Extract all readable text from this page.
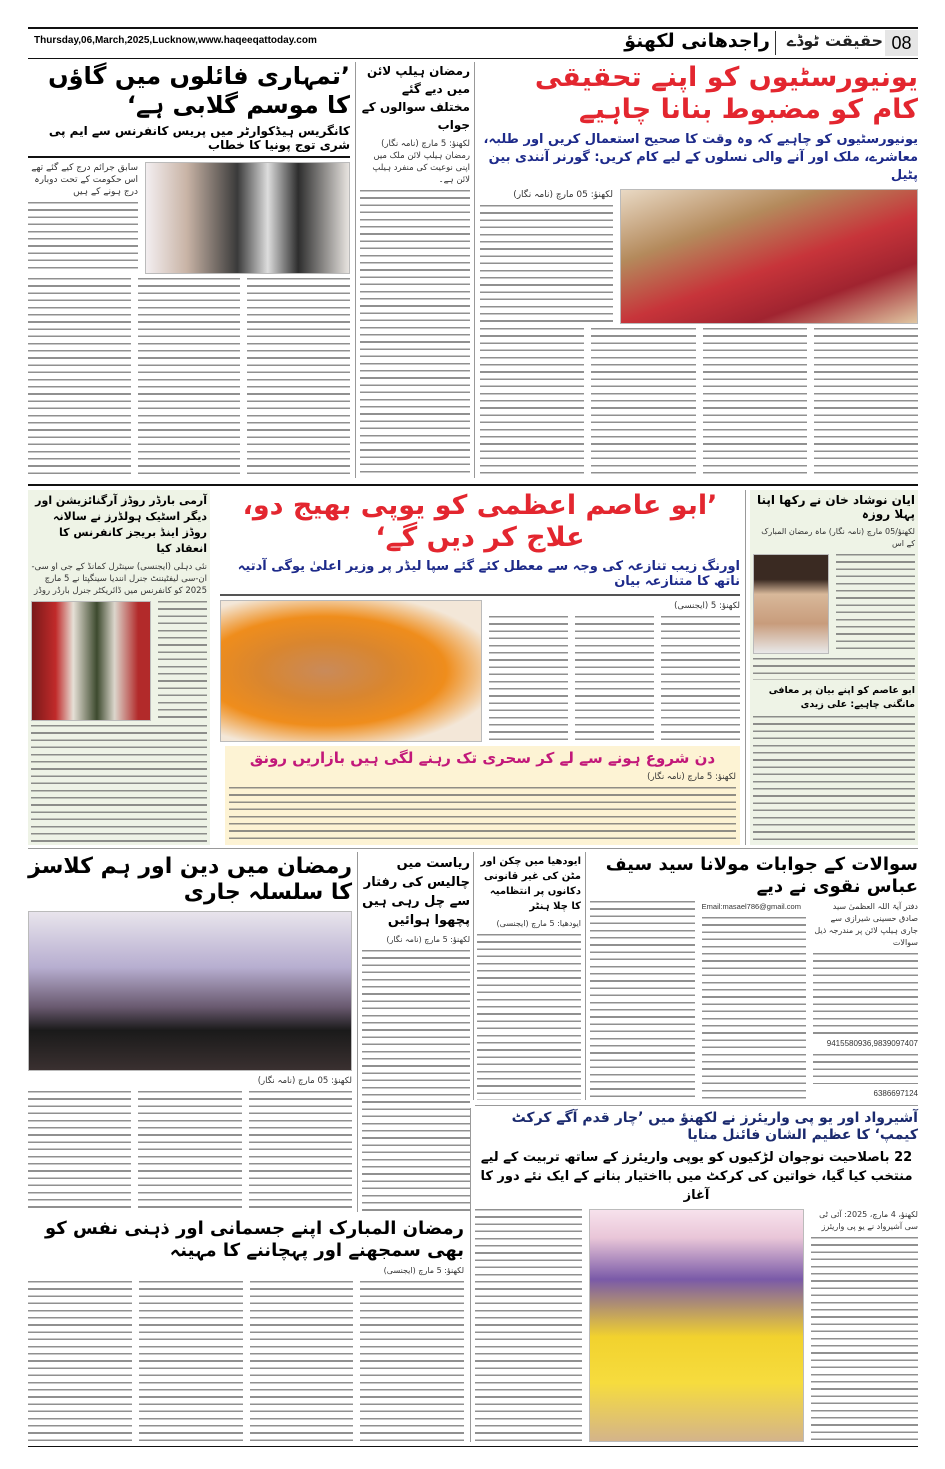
Thursday,06,March,2025,Lucknow,www.haqeeqattoday.com	راجدھانی لکھنؤ	حقیقت ٹوڈے 08
’تمہاری فائلوں میں گاؤں کا موسم گلابی ہے‘
کانگریس ہیڈکوارٹر میں پریس کانفرنس سے ایم پی شری توج پونیا کا خطاب
سابق جرائم درج کیے گئے تھے اس حکومت کے تحت دوبارہ درج ہونے کے ہیں
رمضان ہیلپ لائن میں دیے گئے مختلف سوالوں کے جواب
لکھنؤ: 5 مارچ (نامہ نگار) رمضان ہیلپ لائن ملک میں اپنی نوعیت کی منفرد ہیلپ لائن ہے۔
یونیورسٹیوں کو اپنے تحقیقی کام کو مضبوط بنانا چاہیے
یونیورسٹیوں کو چاہیے کہ وہ وقت کا صحیح استعمال کریں اور طلبہ، معاشرے، ملک اور آنے والی نسلوں کے لیے کام کریں: گورنر آنندی بین پٹیل
لکھنؤ: 05 مارچ (نامہ نگار)
آرمی بارڈر روڈز آرگنائزیشن اور دیگر اسٹیک ہولڈرز نے سالانہ روڈز اینڈ بریجز کانفرنس کا انعقاد کیا
نئی دہلی (ایجنسی) سینٹرل کمانڈ کے جی او سی-ان-سی لیفٹیننٹ جنرل انندیا سینگپتا نے 5 مارچ 2025 کو کانفرنس میں ڈائریکٹر جنرل بارڈر روڈز
’ابو عاصم اعظمی کو یوپی بھیج دو، علاج کر دیں گے‘
اورنگ زیب تنازعہ کی وجہ سے معطل کئے گئے سپا لیڈر پر وزیر اعلیٰ یوگی آدتیہ ناتھ کا متنازعہ بیان
لکھنؤ: 5 (ایجنسی)
دن شروع ہونے سے لے کر سحری تک رہنے لگی ہیں بازاریں رونق
لکھنؤ: 5 مارچ (نامہ نگار)
ایان نوشاد خان نے رکھا اپنا پہلا روزہ
لکھنؤ/05 مارچ (نامہ نگار) ماہ رمضان المبارک کے اس
ابو عاصم کو اپنے بیان پر معافی مانگنی چاہیے: علی زیدی
رمضان میں دین اور ہم کلاسز کا سلسلہ جاری
لکھنؤ: 05 مارچ (نامہ نگار)
ریاست میں چالیس کی رفتار سے چل رہی ہیں پچھوا ہوائیں
لکھنؤ: 5 مارچ (نامہ نگار)
ایودھیا میں چکن اور مٹن کی غیر قانونی دکانوں پر انتظامیہ کا چلا ہنٹر
ایودھیا: 5 مارچ (ایجنسی)
سوالات کے جوابات مولانا سید سیف عباس نقوی نے دیے
دفتر آیۃ اللہ العظمیٰ سید صادق حسینی شیرازی سے جاری ہیلپ لائن پر مندرجہ ذیل سوالات
9415580936,9839097407
6386697124
Email:masael786@gmail.com
آشیرواد اور یو پی واریئرز نے لکھنؤ میں ’چار قدم آگے کرکٹ کیمپ‘ کا عظیم الشان فائنل منایا
22 باصلاحیت نوجوان لڑکیوں کو یوپی واریئرز کے ساتھ تربیت کے لیے منتخب کیا گیا، خواتین کی کرکٹ میں بااختیار بنانے کے ایک نئے دور کا آغاز
لکھنؤ، 4 مارچ، 2025: آئی ٹی سی آشیرواد نے یو پی واریئرز
رمضان المبارک اپنے جسمانی اور ذہنی نفس کو بھی سمجھنے اور پہچاننے کا مہینہ
لکھنؤ: 5 مارچ (ایجنسی)
